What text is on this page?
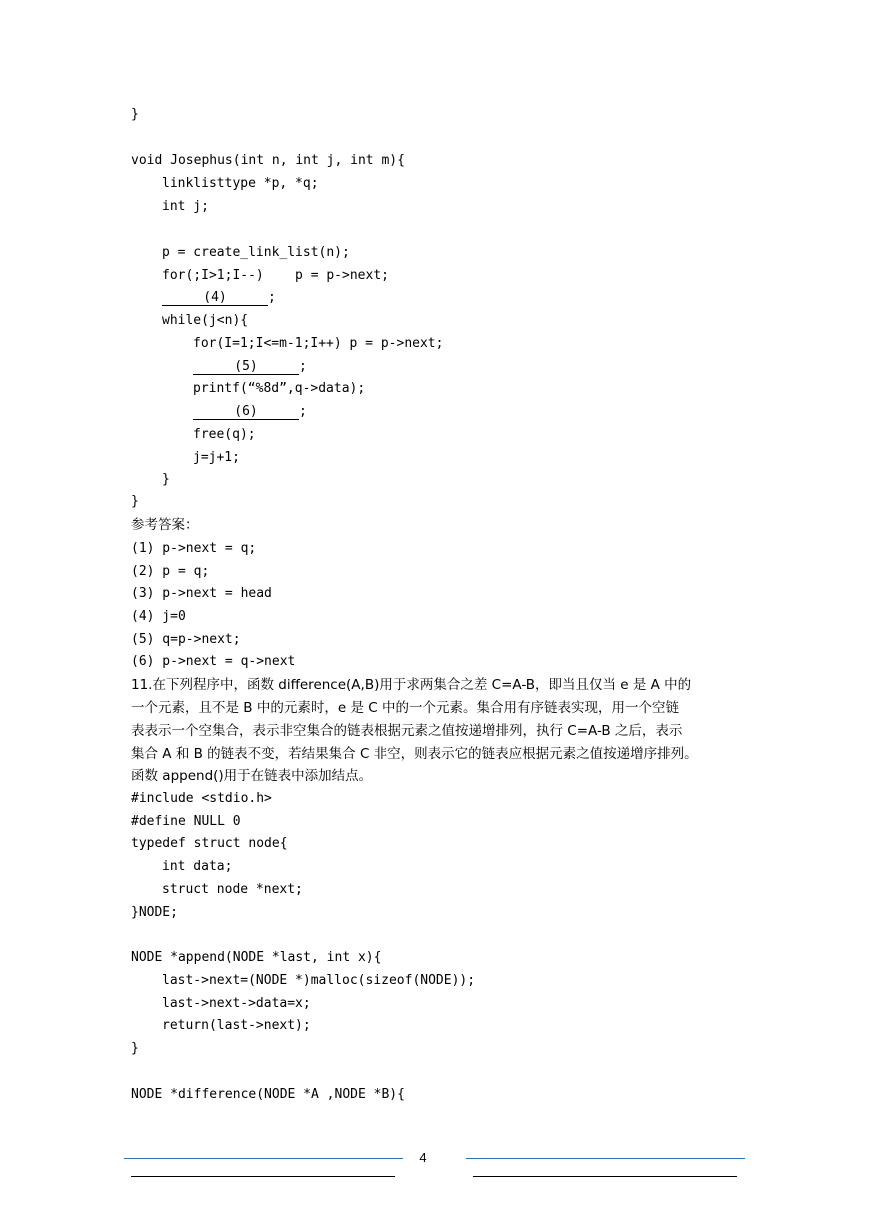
}
void Josephus(int n, int j, int m){
linklisttype *p, *q;
int j;
p = create_link_list(n);
for(;I>1;I--)    p = p->next;
(4)	;
while(j<n){
for(I=1;I<=m-1;I++) p = p->next;
(5)	;
printf(“%8d”,q->data);
(6)	;
free(q);
j=j+1;
}
}
参考答案：
(1) p->next = q;
(2) p = q;
(3) p->next = head
(4) j=0
(5) q=p->next;
(6) p->next = q->next
11.在下列程序中，函数 difference(A,B)用于求两集合之差 C=A-B，即当且仅当 e 是 A 中的
一个元素，且不是 B 中的元素时，e 是 C 中的一个元素。集合用有序链表实现，用一个空链
表表示一个空集合，表示非空集合的链表根据元素之值按递增排列，执行 C=A-B 之后，表示
集合 A 和 B 的链表不变，若结果集合 C 非空，则表示它的链表应根据元素之值按递增序排列。
函数 append()用于在链表中添加结点。
#include <stdio.h>
#define NULL 0
typedef struct node{
int data;
struct node *next;
}NODE;
NODE *append(NODE *last, int x){
last->next=(NODE *)malloc(sizeof(NODE));
last->next->data=x;
return(last->next);
}
NODE *difference(NODE *A ,NODE *B){
4
